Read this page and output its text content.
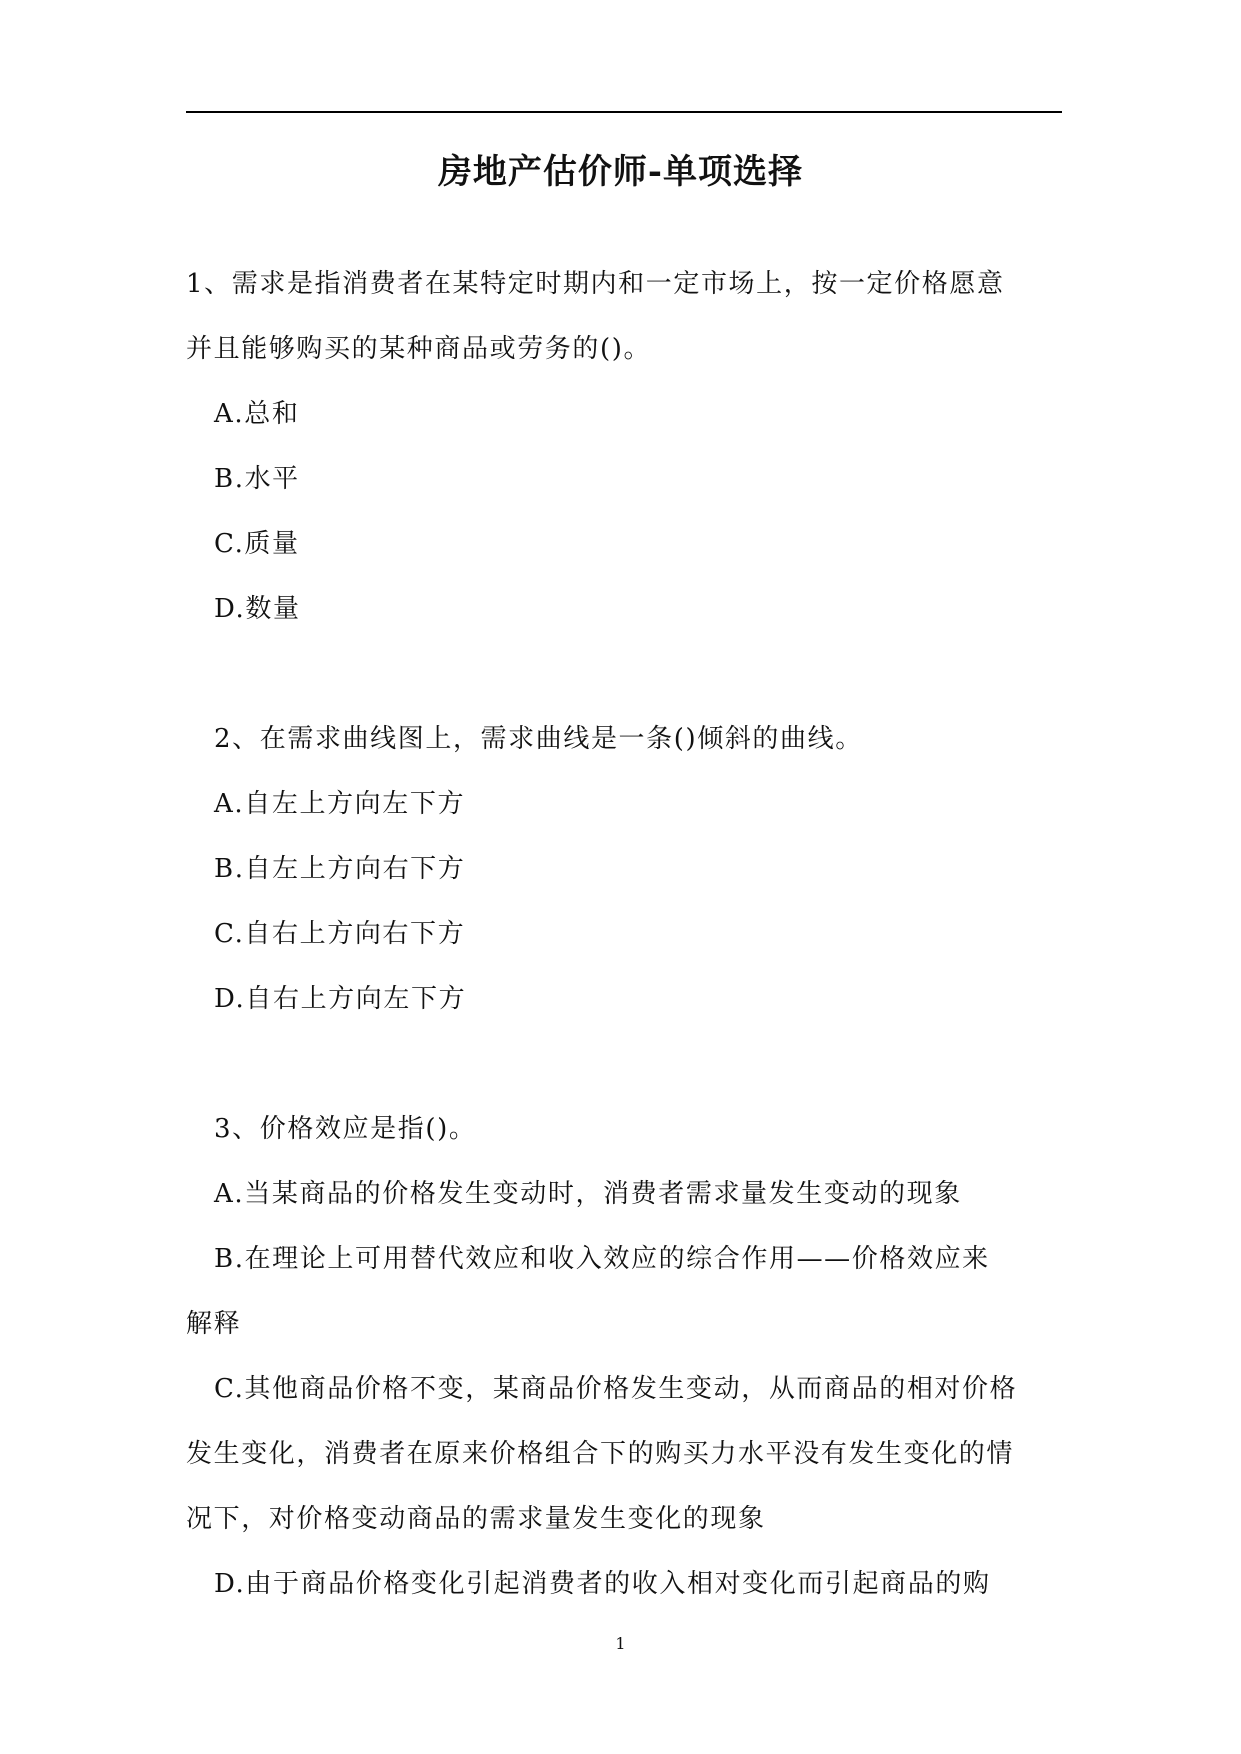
房地产估价师-单项选择
1、需求是指消费者在某特定时期内和一定市场上，按一定价格愿意
并且能够购买的某种商品或劳务的()。
A.总和
B.水平
C.质量
D.数量
2、在需求曲线图上，需求曲线是一条()倾斜的曲线。
A.自左上方向左下方
B.自左上方向右下方
C.自右上方向右下方
D.自右上方向左下方
3、价格效应是指()。
A.当某商品的价格发生变动时，消费者需求量发生变动的现象
B.在理论上可用替代效应和收入效应的综合作用——价格效应来
解释
C.其他商品价格不变，某商品价格发生变动，从而商品的相对价格
发生变化，消费者在原来价格组合下的购买力水平没有发生变化的情
况下，对价格变动商品的需求量发生变化的现象
D.由于商品价格变化引起消费者的收入相对变化而引起商品的购
1
